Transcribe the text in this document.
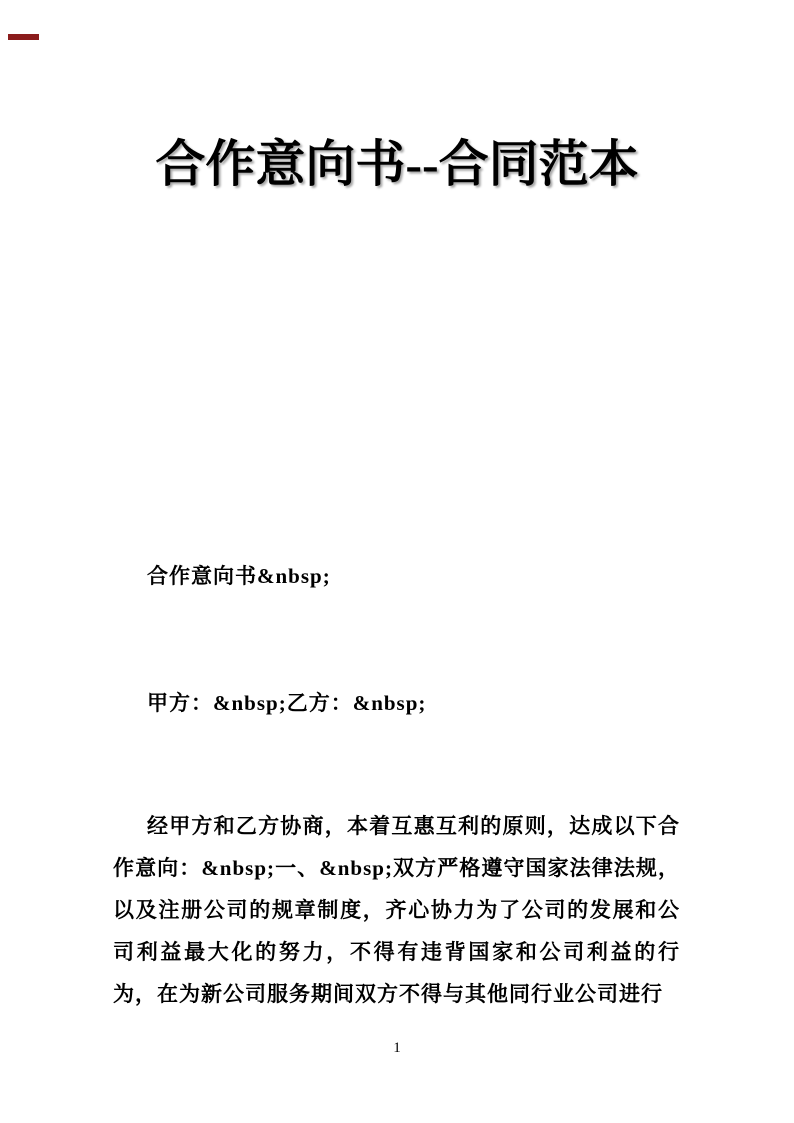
合作意向书--合同范本

合作意向书&nbsp;

甲方：&nbsp;乙方：&nbsp;

经甲方和乙方协商，本着互惠互利的原则，达成以下合作意向：&nbsp;一、&nbsp;双方严格遵守国家法律法规，以及注册公司的规章制度，齐心协力为了公司的发展和公司利益最大化的努力，不得有违背国家和公司利益的行为，在为新公司服务期间双方不得与其他同行业公司进行

1
